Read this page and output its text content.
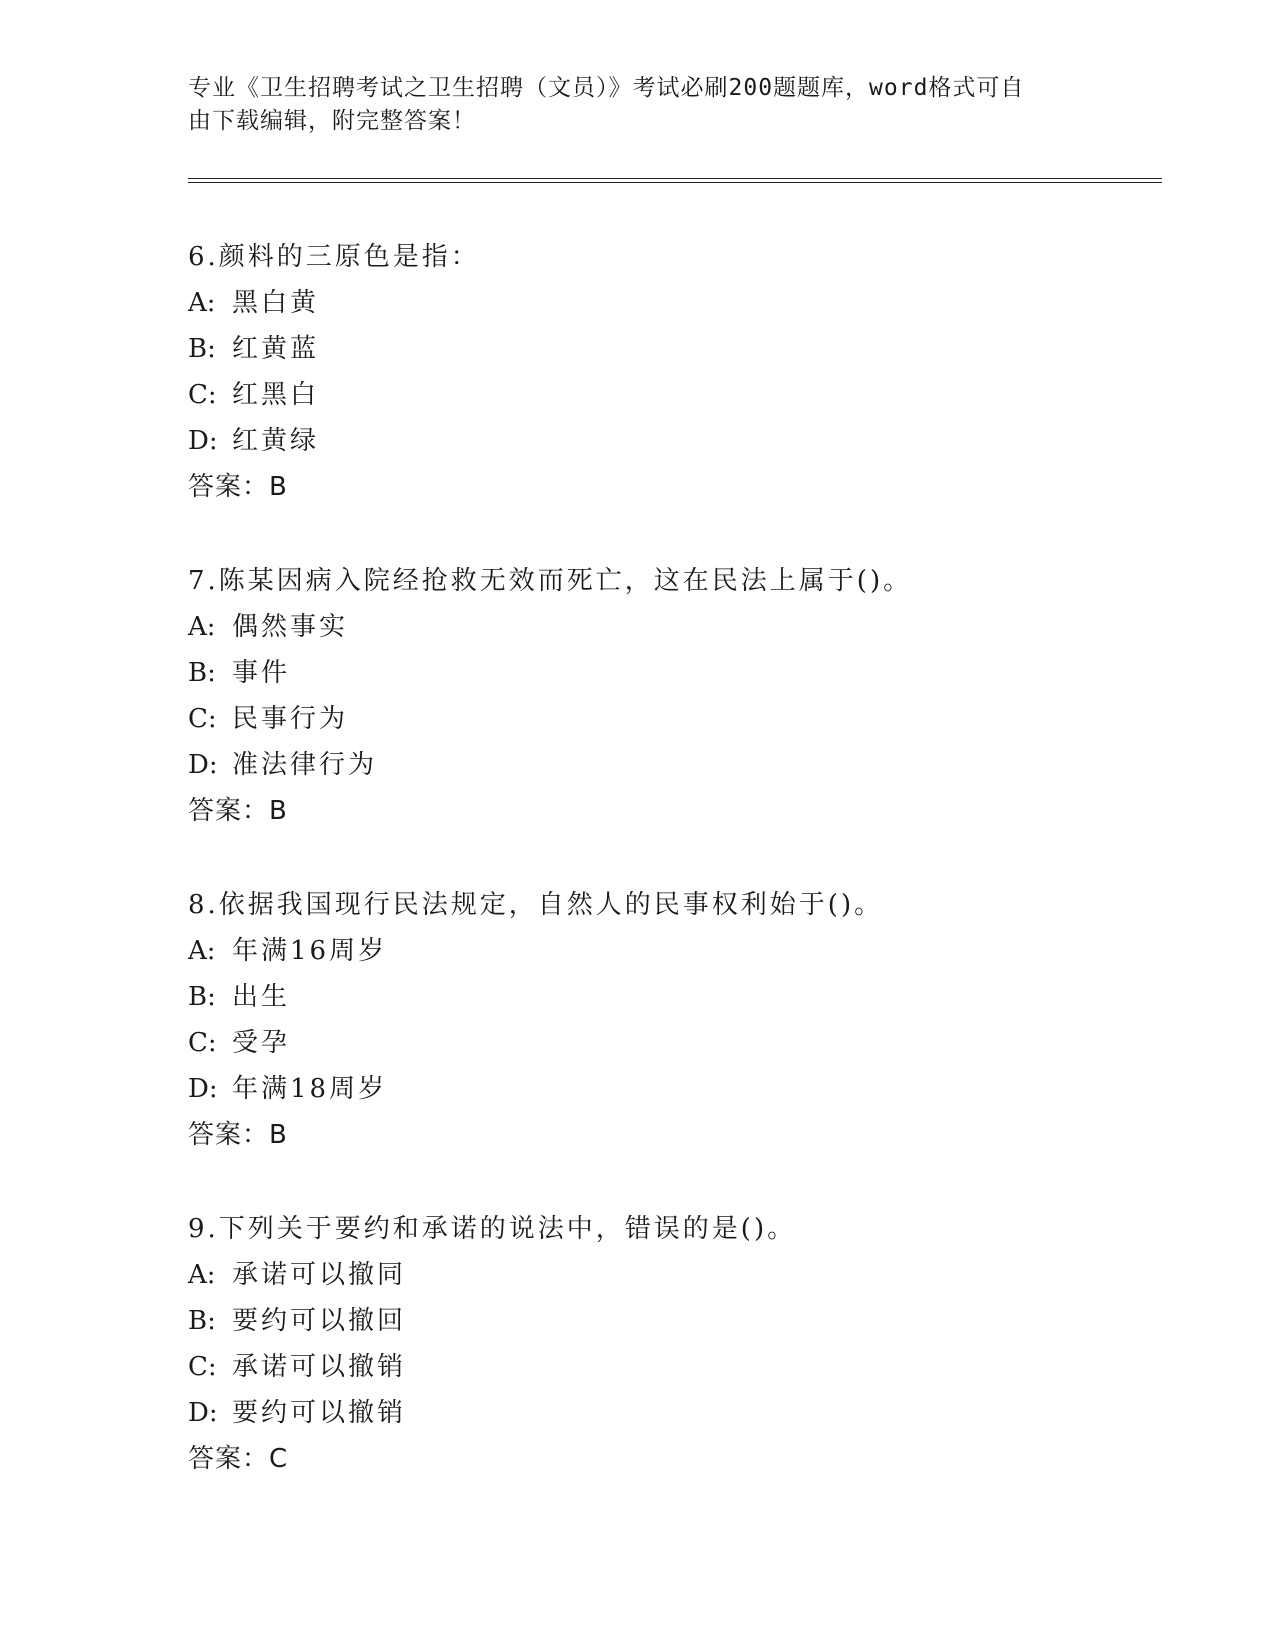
专业《卫生招聘考试之卫生招聘（文员）》考试必刷200题题库，word格式可自
由下载编辑，附完整答案！
6.颜料的三原色是指：
A: 黑白黄
B: 红黄蓝
C: 红黑白
D: 红黄绿
答案：B
7.陈某因病入院经抢救无效而死亡，这在民法上属于()。
A: 偶然事实
B: 事件
C: 民事行为
D: 准法律行为
答案：B
8.依据我国现行民法规定，自然人的民事权利始于()。
A: 年满16周岁
B: 出生
C: 受孕
D: 年满18周岁
答案：B
9.下列关于要约和承诺的说法中，错误的是()。
A: 承诺可以撤同
B: 要约可以撤回
C: 承诺可以撤销
D: 要约可以撤销
答案：C
